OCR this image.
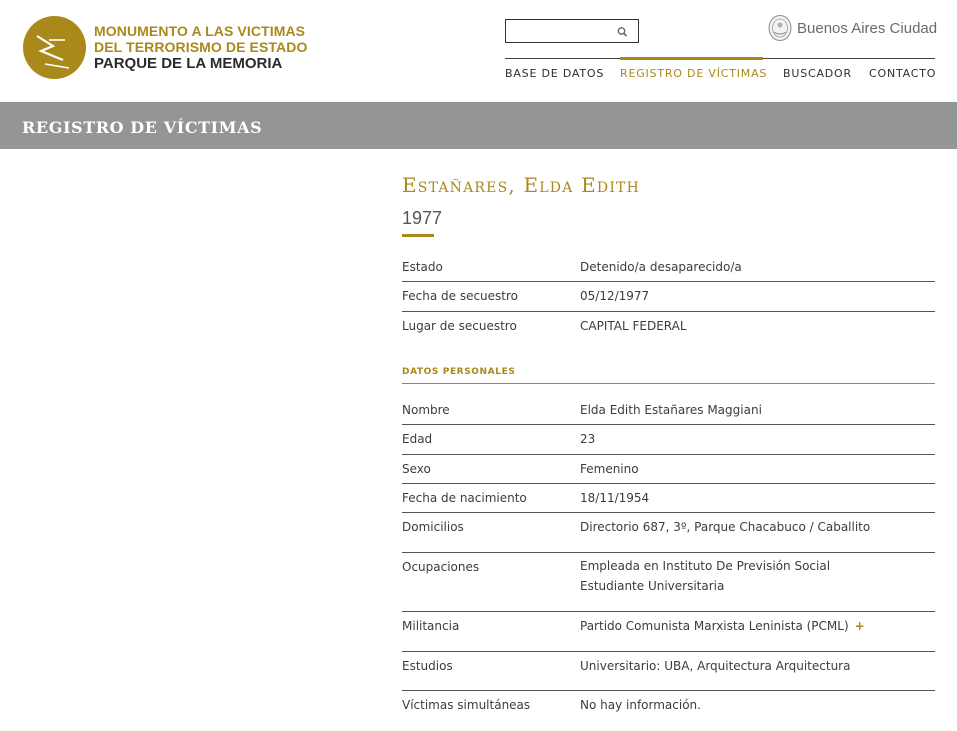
MONUMENTO A LAS VICTIMAS
DEL TERRORISMO DE ESTADO
PARQUE DE LA MEMORIA
Buenos Aires Ciudad
BASE DE DATOS REGISTRO DE VÍCTIMAS BUSCADOR CONTACTO
REGISTRO DE VÍCTIMAS
Estañares, Elda Edith
1977
Estado	Detenido/a desaparecido/a
Fecha de secuestro	05/12/1977
Lugar de secuestro	CAPITAL FEDERAL
DATOS PERSONALES
Nombre	Elda Edith Estañares Maggiani
Edad	23
Sexo	Femenino
Fecha de nacimiento	18/11/1954
Domicilios	Directorio 687, 3º, Parque Chacabuco / Caballito
Ocupaciones	Empleada en Instituto De Previsión Social
Estudiante Universitaria
Militancia	Partido Comunista Marxista Leninista (PCML) +
Estudios	Universitario: UBA, Arquitectura Arquitectura
Víctimas simultáneas	No hay información.
